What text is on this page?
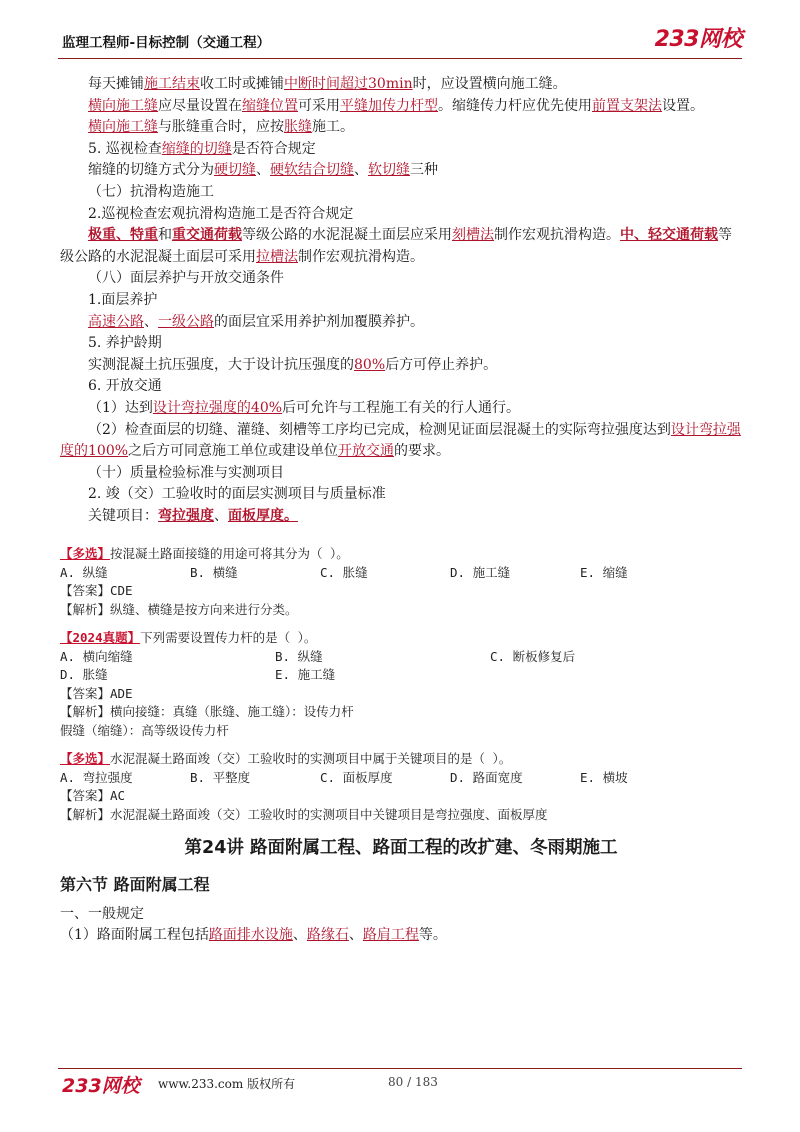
监理工程师-目标控制（交通工程）	233网校

每天摊铺施工结束收工时或摊铺中断时间超过30min时，应设置横向施工缝。

横向施工缝应尽量设置在缩缝位置可采用平缝加传力杆型。缩缝传力杆应优先使用前置支架法设置。

横向施工缝与胀缝重合时，应按胀缝施工。

5. 巡视检查缩缝的切缝是否符合规定

缩缝的切缝方式分为硬切缝、硬软结合切缝、软切缝三种

（七）抗滑构造施工

2.巡视检查宏观抗滑构造施工是否符合规定

极重、特重和重交通荷载等级公路的水泥混凝土面层应采用刻槽法制作宏观抗滑构造。中、轻交通荷载等级公路的水泥混凝土面层可采用拉槽法制作宏观抗滑构造。

（八）面层养护与开放交通条件

1.面层养护

高速公路、一级公路的面层宜采用养护剂加覆膜养护。

5. 养护龄期

实测混凝土抗压强度，大于设计抗压强度的80%后方可停止养护。

6. 开放交通

（1）达到设计弯拉强度的40%后可允许与工程施工有关的行人通行。

（2）检查面层的切缝、灌缝、刻槽等工序均已完成，检测见证面层混凝土的实际弯拉强度达到设计弯拉强度的100%之后方可同意施工单位或建设单位开放交通的要求。

（十）质量检验标准与实测项目

2. 竣（交）工验收时的面层实测项目与质量标准

关键项目：弯拉强度、面板厚度。

【多选】按混凝土路面接缝的用途可将其分为（ ）。
A. 纵缝	B. 横缝	C. 胀缝	D. 施工缝	E. 缩缝
【答案】CDE
【解析】纵缝、横缝是按方向来进行分类。
【2024真题】下列需要设置传力杆的是（ ）。
A. 横向缩缝	B. 纵缝	C. 断板修复后
D. 胀缝	E. 施工缝
【答案】ADE
【解析】横向接缝：真缝（胀缝、施工缝）：设传力杆
假缝（缩缝）：高等级设传力杆
【多选】水泥混凝土路面竣（交）工验收时的实测项目中属于关键项目的是（ ）。
A. 弯拉强度	B. 平整度	C. 面板厚度	D. 路面宽度	E. 横坡
【答案】AC
【解析】水泥混凝土路面竣（交）工验收时的实测项目中关键项目是弯拉强度、面板厚度
第24讲 路面附属工程、路面工程的改扩建、冬雨期施工
第六节 路面附属工程

一、一般规定

（1）路面附属工程包括路面排水设施、路缘石、路肩工程等。

233网校 www.233.com 版权所有	80 / 183
